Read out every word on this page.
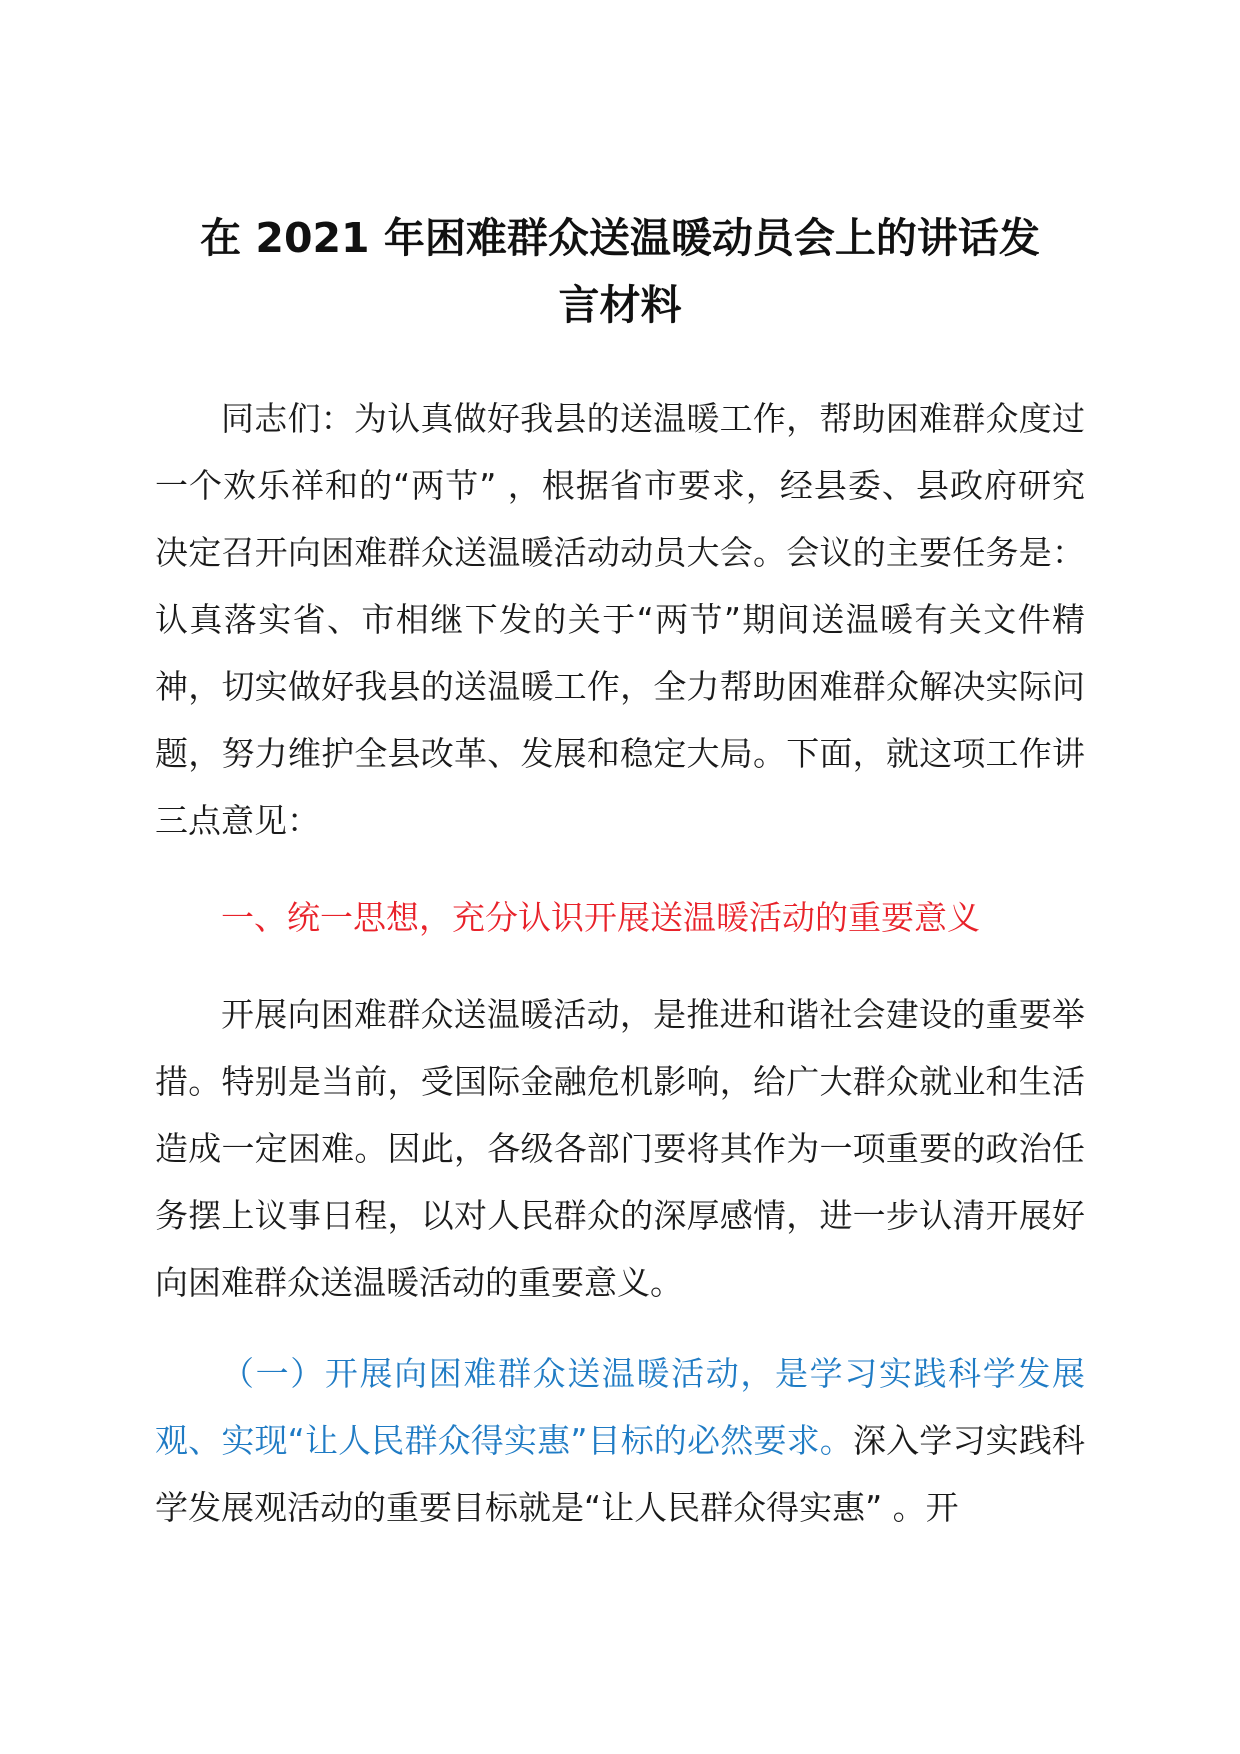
在 2021 年困难群众送温暖动员会上的讲话发
言材料

同志们：为认真做好我县的送温暖工作，帮助困难群众度过一个欢乐祥和的“两节” ，根据省市要求，经县委、县政府研究决定召开向困难群众送温暖活动动员大会。会议的主要任务是：认真落实省、市相继下发的关于“两节”期间送温暖有关文件精神，切实做好我县的送温暖工作，全力帮助困难群众解决实际问题，努力维护全县改革、发展和稳定大局。下面，就这项工作讲三点意见：

一、统一思想，充分认识开展送温暖活动的重要意义

开展向困难群众送温暖活动，是推进和谐社会建设的重要举措。特别是当前，受国际金融危机影响，给广大群众就业和生活造成一定困难。因此，各级各部门要将其作为一项重要的政治任务摆上议事日程，以对人民群众的深厚感情，进一步认清开展好向困难群众送温暖活动的重要意义。

（一）开展向困难群众送温暖活动，是学习实践科学发展观、实现“让人民群众得实惠”目标的必然要求。深入学习实践科学发展观活动的重要目标就是“让人民群众得实惠” 。开
